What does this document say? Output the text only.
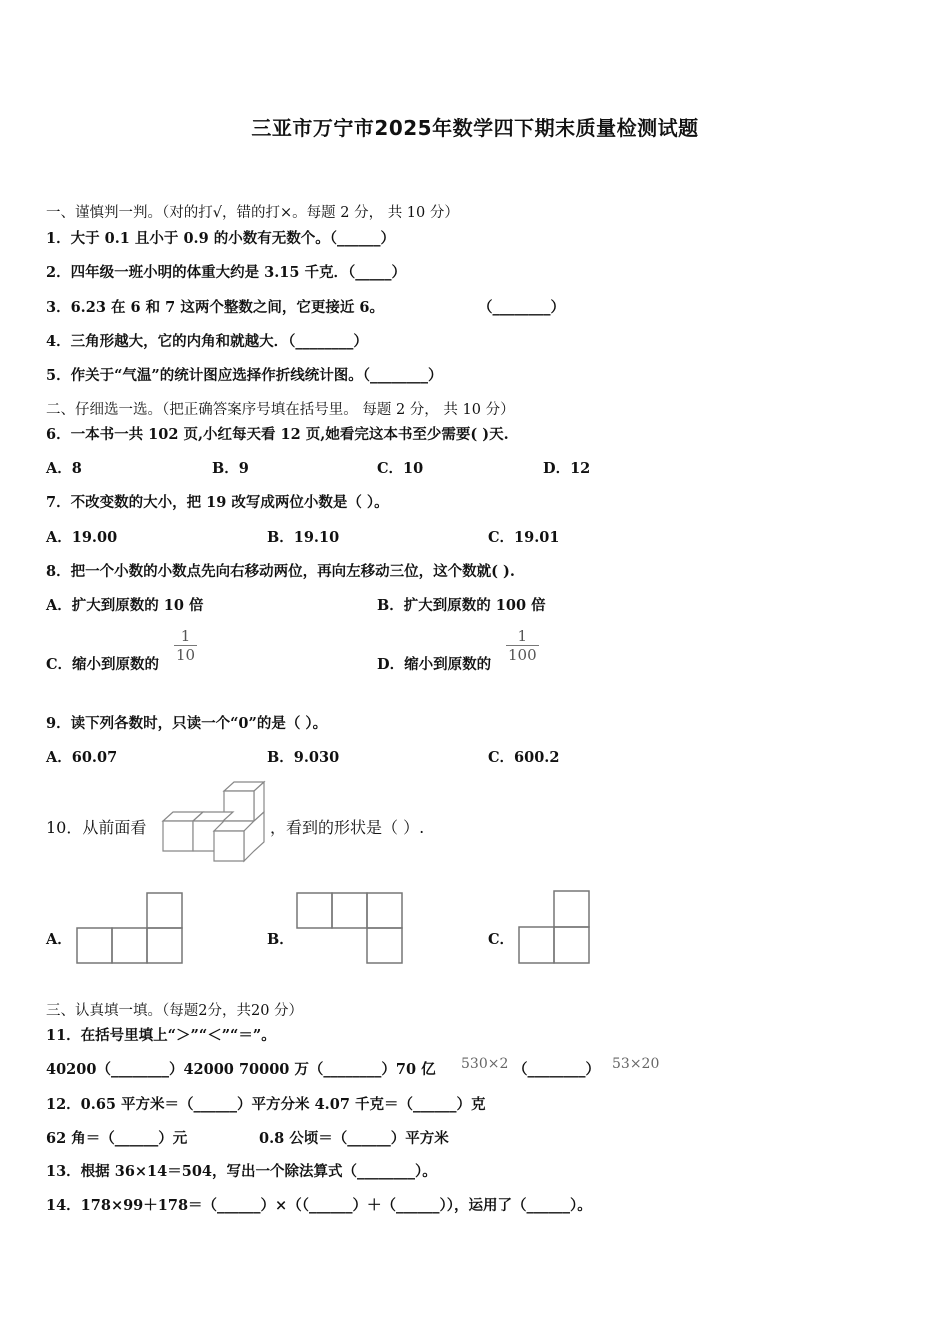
三亚市万宁市2025年数学四下期末质量检测试题
一、谨慎判一判。（对的打√，错的打×。每题 2 分， 共 10 分）
1．大于 0.1 且小于 0.9 的小数有无数个。（______）
2．四年级一班小明的体重大约是 3.15 千克．（_____）
3．6.23 在 6 和 7 这两个整数之间，它更接近 6。	（________）
4．三角形越大，它的内角和就越大．（________）
5．作关于“气温”的统计图应选择作折线统计图。（________）
二、仔细选一选。（把正确答案序号填在括号里。 每题 2 分， 共 10 分）
6．一本书一共 102 页,小红每天看 12 页,她看完这本书至少需要( )天.
A．8	B．9	C．10	D．12
7．不改变数的大小，把 19 改写成两位小数是（ ）。
A．19.00	B．19.10	C．19.01
8．把一个小数的小数点先向右移动两位，再向左移动三位，这个数就( ).
A．扩大到原数的 10 倍	B．扩大到原数的 100 倍
C．缩小到原数的
$\frac{1}{10}$
D．缩小到原数的
$\frac{1}{100}$
9．读下列各数时，只读一个“0”的是（ ）。
A．60.07	B．9.030	C．600.2
10．从前面看	，看到的形状是（ ）.
A．	B．	C．
三、认真填一填。（每题2分，共20 分）
11．在括号里填上“＞”“＜”“＝”。
40200（________）42000 70000 万（________）70 亿 530×2 （________） 53×20
12．0.65 平方米＝（______）平方分米 4.07 千克＝（______）克
62 角＝（______）元	0.8 公顷＝（______）平方米
13．根据 36×14＝504，写出一个除法算式（________）。
14．178×99＋178＝（______）×（（______）＋（______）），运用了（______）。
